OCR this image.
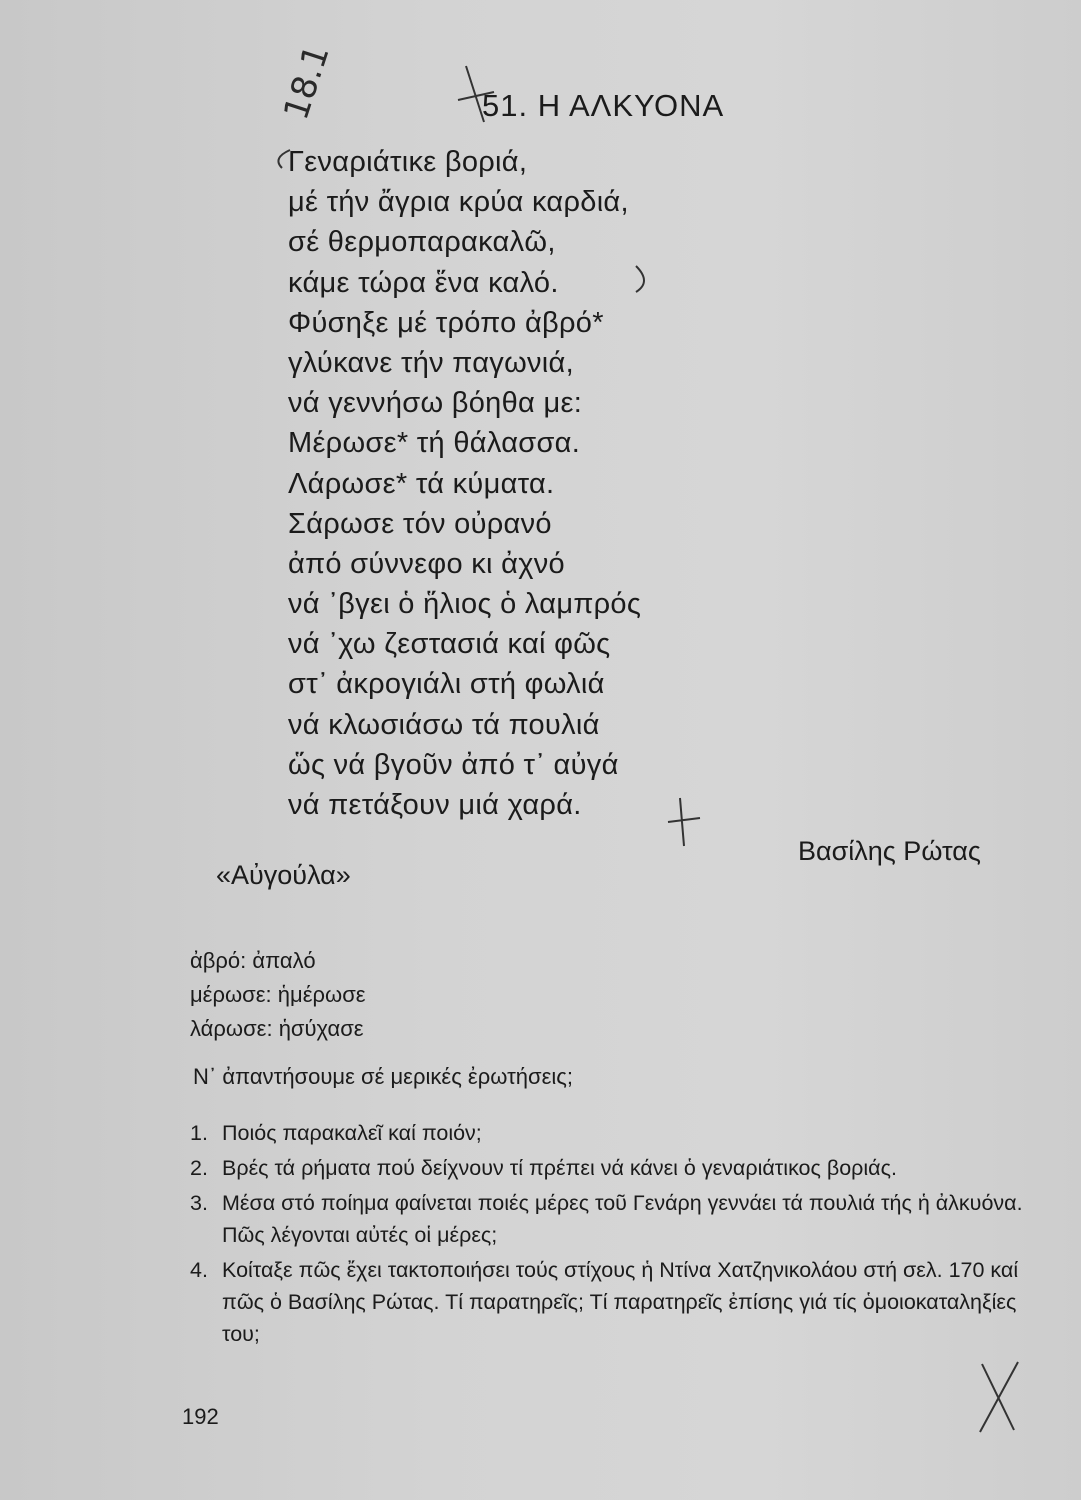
51. Η ΑΛΚΥΟΝΑ
Γεναριάτικε βοριά,
μέ τήν ἄγρια κρύα καρδιά,
σέ θερμοπαρακαλῶ,
κάμε τώρα ἕνα καλό.
Φύσηξε μέ τρόπο ἀβρό*
γλύκανε τήν παγωνιά,
νά γεννήσω βόηθα με:
Μέρωσε* τή θάλασσα.
Λάρωσε* τά κύματα.
Σάρωσε τόν οὐρανό
ἀπό σύννεφο κι ἀχνό
νά ᾿βγει ὁ ἥλιος ὁ λαμπρός
νά ᾿χω ζεστασιά καί φῶς
στ᾿ ἀκρογιάλι στή φωλιά
νά κλωσιάσω τά πουλιά
ὥς νά βγοῦν ἀπό τ᾿ αὐγά
νά πετάξουν μιά χαρά.
Βασίλης Ρώτας
«Αὐγούλα»
ἀβρό: ἀπαλό
μέρωσε: ἡμέρωσε
λάρωσε: ἡσύχασε
Ν᾿ ἀπαντήσουμε σέ μερικές ἐρωτήσεις;
1. Ποιός παρακαλεῖ καί ποιόν;
2. Βρές τά ρήματα πού δείχνουν τί πρέπει νά κάνει ὁ γεναριάτικος βοριάς.
3. Μέσα στό ποίημα φαίνεται ποιές μέρες τοῦ Γενάρη γεννάει τά πουλιά τής ἡ ἀλκυόνα. Πῶς λέγονται αὐτές οἱ μέρες;
4. Κοίταξε πῶς ἔχει τακτοποιήσει τούς στίχους ἡ Ντίνα Χατζηνικολάου στή σελ. 170 καί πῶς ὁ Βασίλης Ρώτας. Τί παρατηρεῖς; Τί παρατηρεῖς ἐπίσης γιά τίς ὁμοιοκαταληξίες του;
192
18.1
